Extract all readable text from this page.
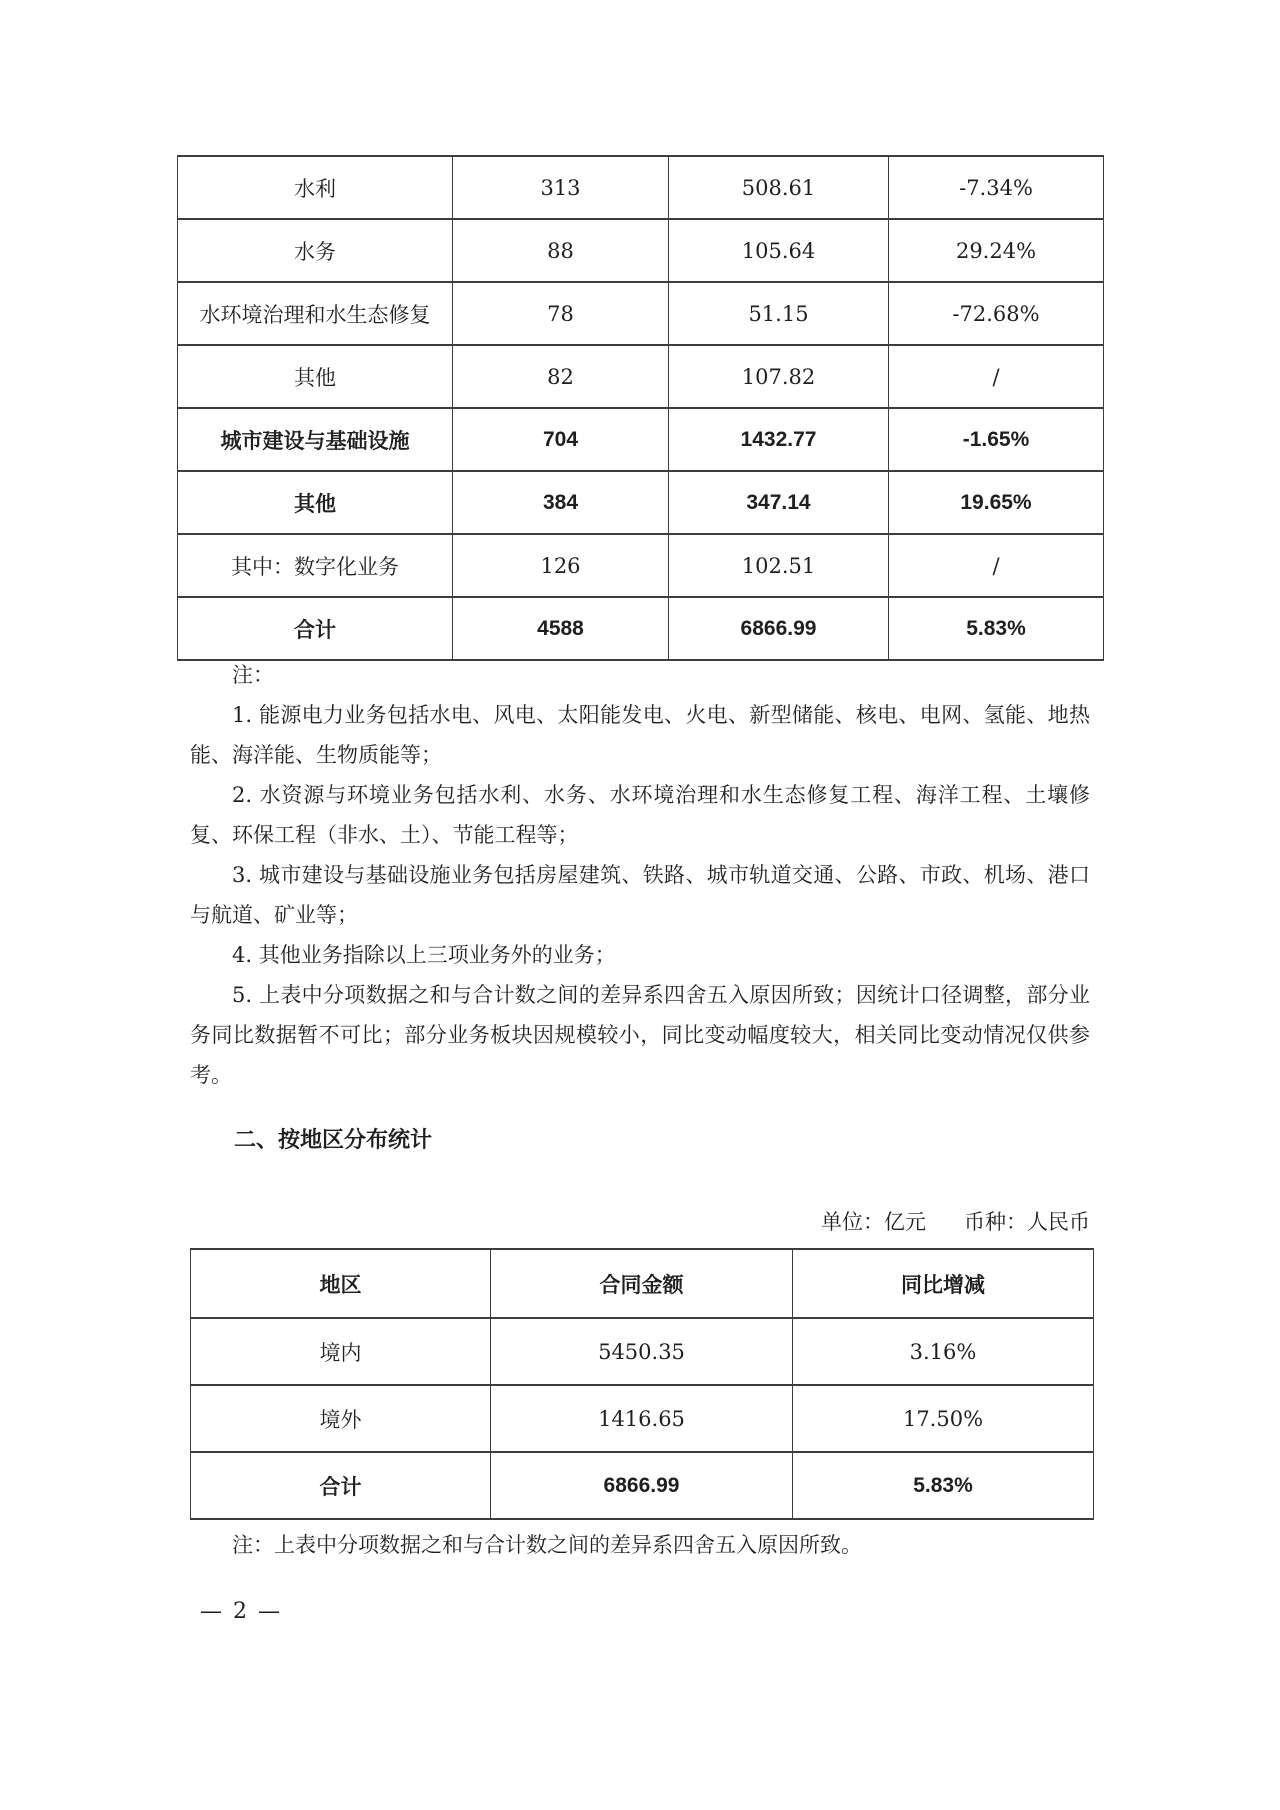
水利	313	508.61	-7.34%
水务	88	105.64	29.24%
水环境治理和水生态修复	78	51.15	-72.68%
其他	82	107.82	/
城市建设与基础设施	704	1432.77	-1.65%
其他	384	347.14	19.65%
其中：数字化业务	126	102.51	/
合计	4588	6866.99	5.83%
注：

1. 能源电力业务包括水电、风电、太阳能发电、火电、新型储能、核电、电网、氢能、地热能、海洋能、生物质能等；

2. 水资源与环境业务包括水利、水务、水环境治理和水生态修复工程、海洋工程、土壤修复、环保工程（非水、土）、节能工程等；

3. 城市建设与基础设施业务包括房屋建筑、铁路、城市轨道交通、公路、市政、机场、港口与航道、矿业等；

4. 其他业务指除以上三项业务外的业务；

5. 上表中分项数据之和与合计数之间的差异系四舍五入原因所致；因统计口径调整，部分业务同比数据暂不可比；部分业务板块因规模较小，同比变动幅度较大，相关同比变动情况仅供参考。

二、按地区分布统计
单位：亿元 币种：人民币
地区	合同金额	同比增减
境内	5450.35	3.16%
境外	1416.65	17.50%
合计	6866.99	5.83%

注：上表中分项数据之和与合计数之间的差异系四舍五入原因所致。

— 2 —
